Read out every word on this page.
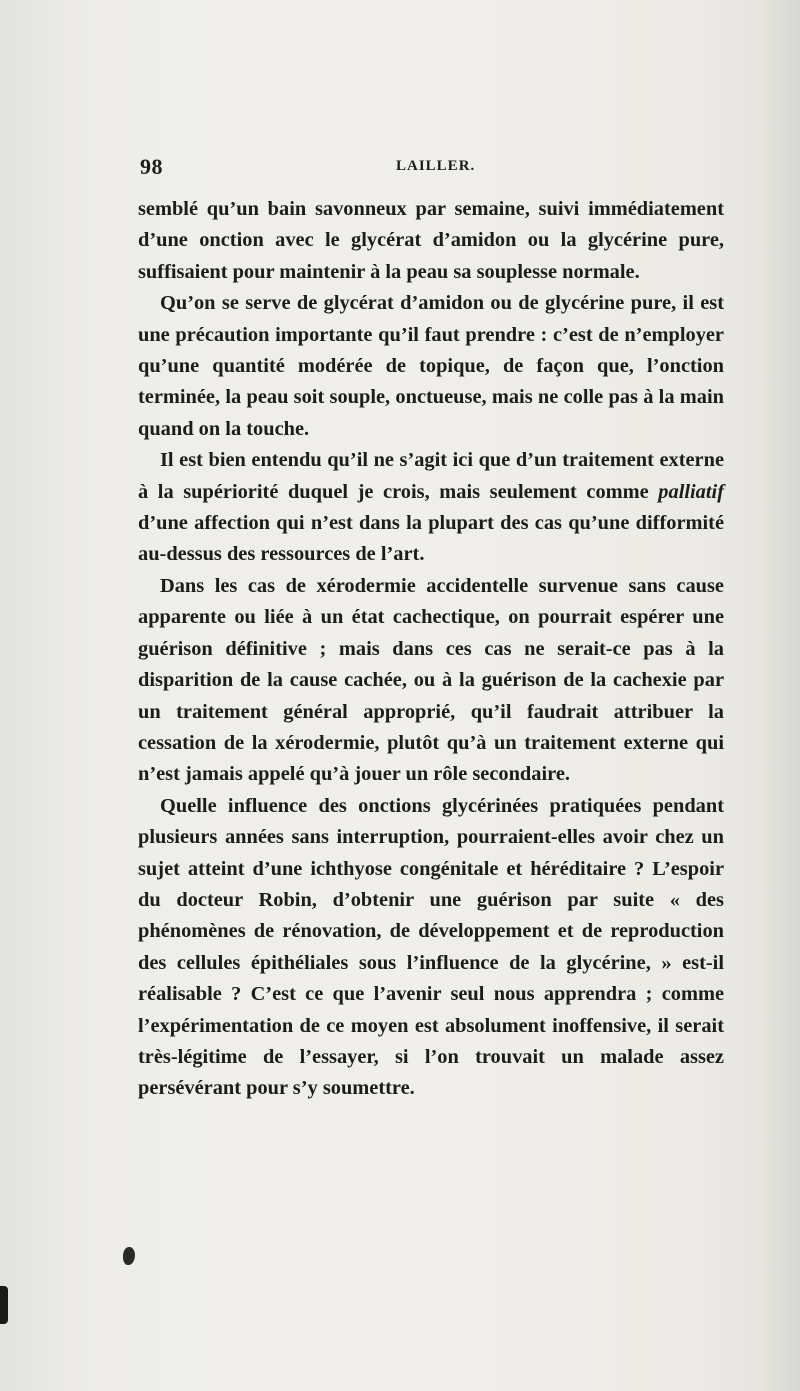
98	LAILLER.

semblé qu’un bain savonneux par semaine, suivi immédiatement d’une onction avec le glycérat d’amidon ou la glycérine pure, suffisaient pour maintenir à la peau sa souplesse normale.

Qu’on se serve de glycérat d’amidon ou de glycérine pure, il est une précaution importante qu’il faut prendre : c’est de n’employer qu’une quantité modérée de topique, de façon que, l’onction terminée, la peau soit souple, onctueuse, mais ne colle pas à la main quand on la touche.

Il est bien entendu qu’il ne s’agit ici que d’un traitement externe à la supériorité duquel je crois, mais seulement comme palliatif d’une affection qui n’est dans la plupart des cas qu’une difformité au-dessus des ressources de l’art.

Dans les cas de xérodermie accidentelle survenue sans cause apparente ou liée à un état cachectique, on pourrait espérer une guérison définitive ; mais dans ces cas ne serait-ce pas à la disparition de la cause cachée, ou à la guérison de la cachexie par un traitement général approprié, qu’il faudrait attribuer la cessation de la xérodermie, plutôt qu’à un traitement externe qui n’est jamais appelé qu’à jouer un rôle secondaire.

Quelle influence des onctions glycérinées pratiquées pendant plusieurs années sans interruption, pourraient-elles avoir chez un sujet atteint d’une ichthyose congénitale et héréditaire ? L’espoir du docteur Robin, d’obtenir une guérison par suite « des phénomènes de rénovation, de développement et de reproduction des cellules épithéliales sous l’influence de la glycérine, » est-il réalisable ? C’est ce que l’avenir seul nous apprendra ; comme l’expérimentation de ce moyen est absolument inoffensive, il serait très-légitime de l’essayer, si l’on trouvait un malade assez persévérant pour s’y soumettre.
